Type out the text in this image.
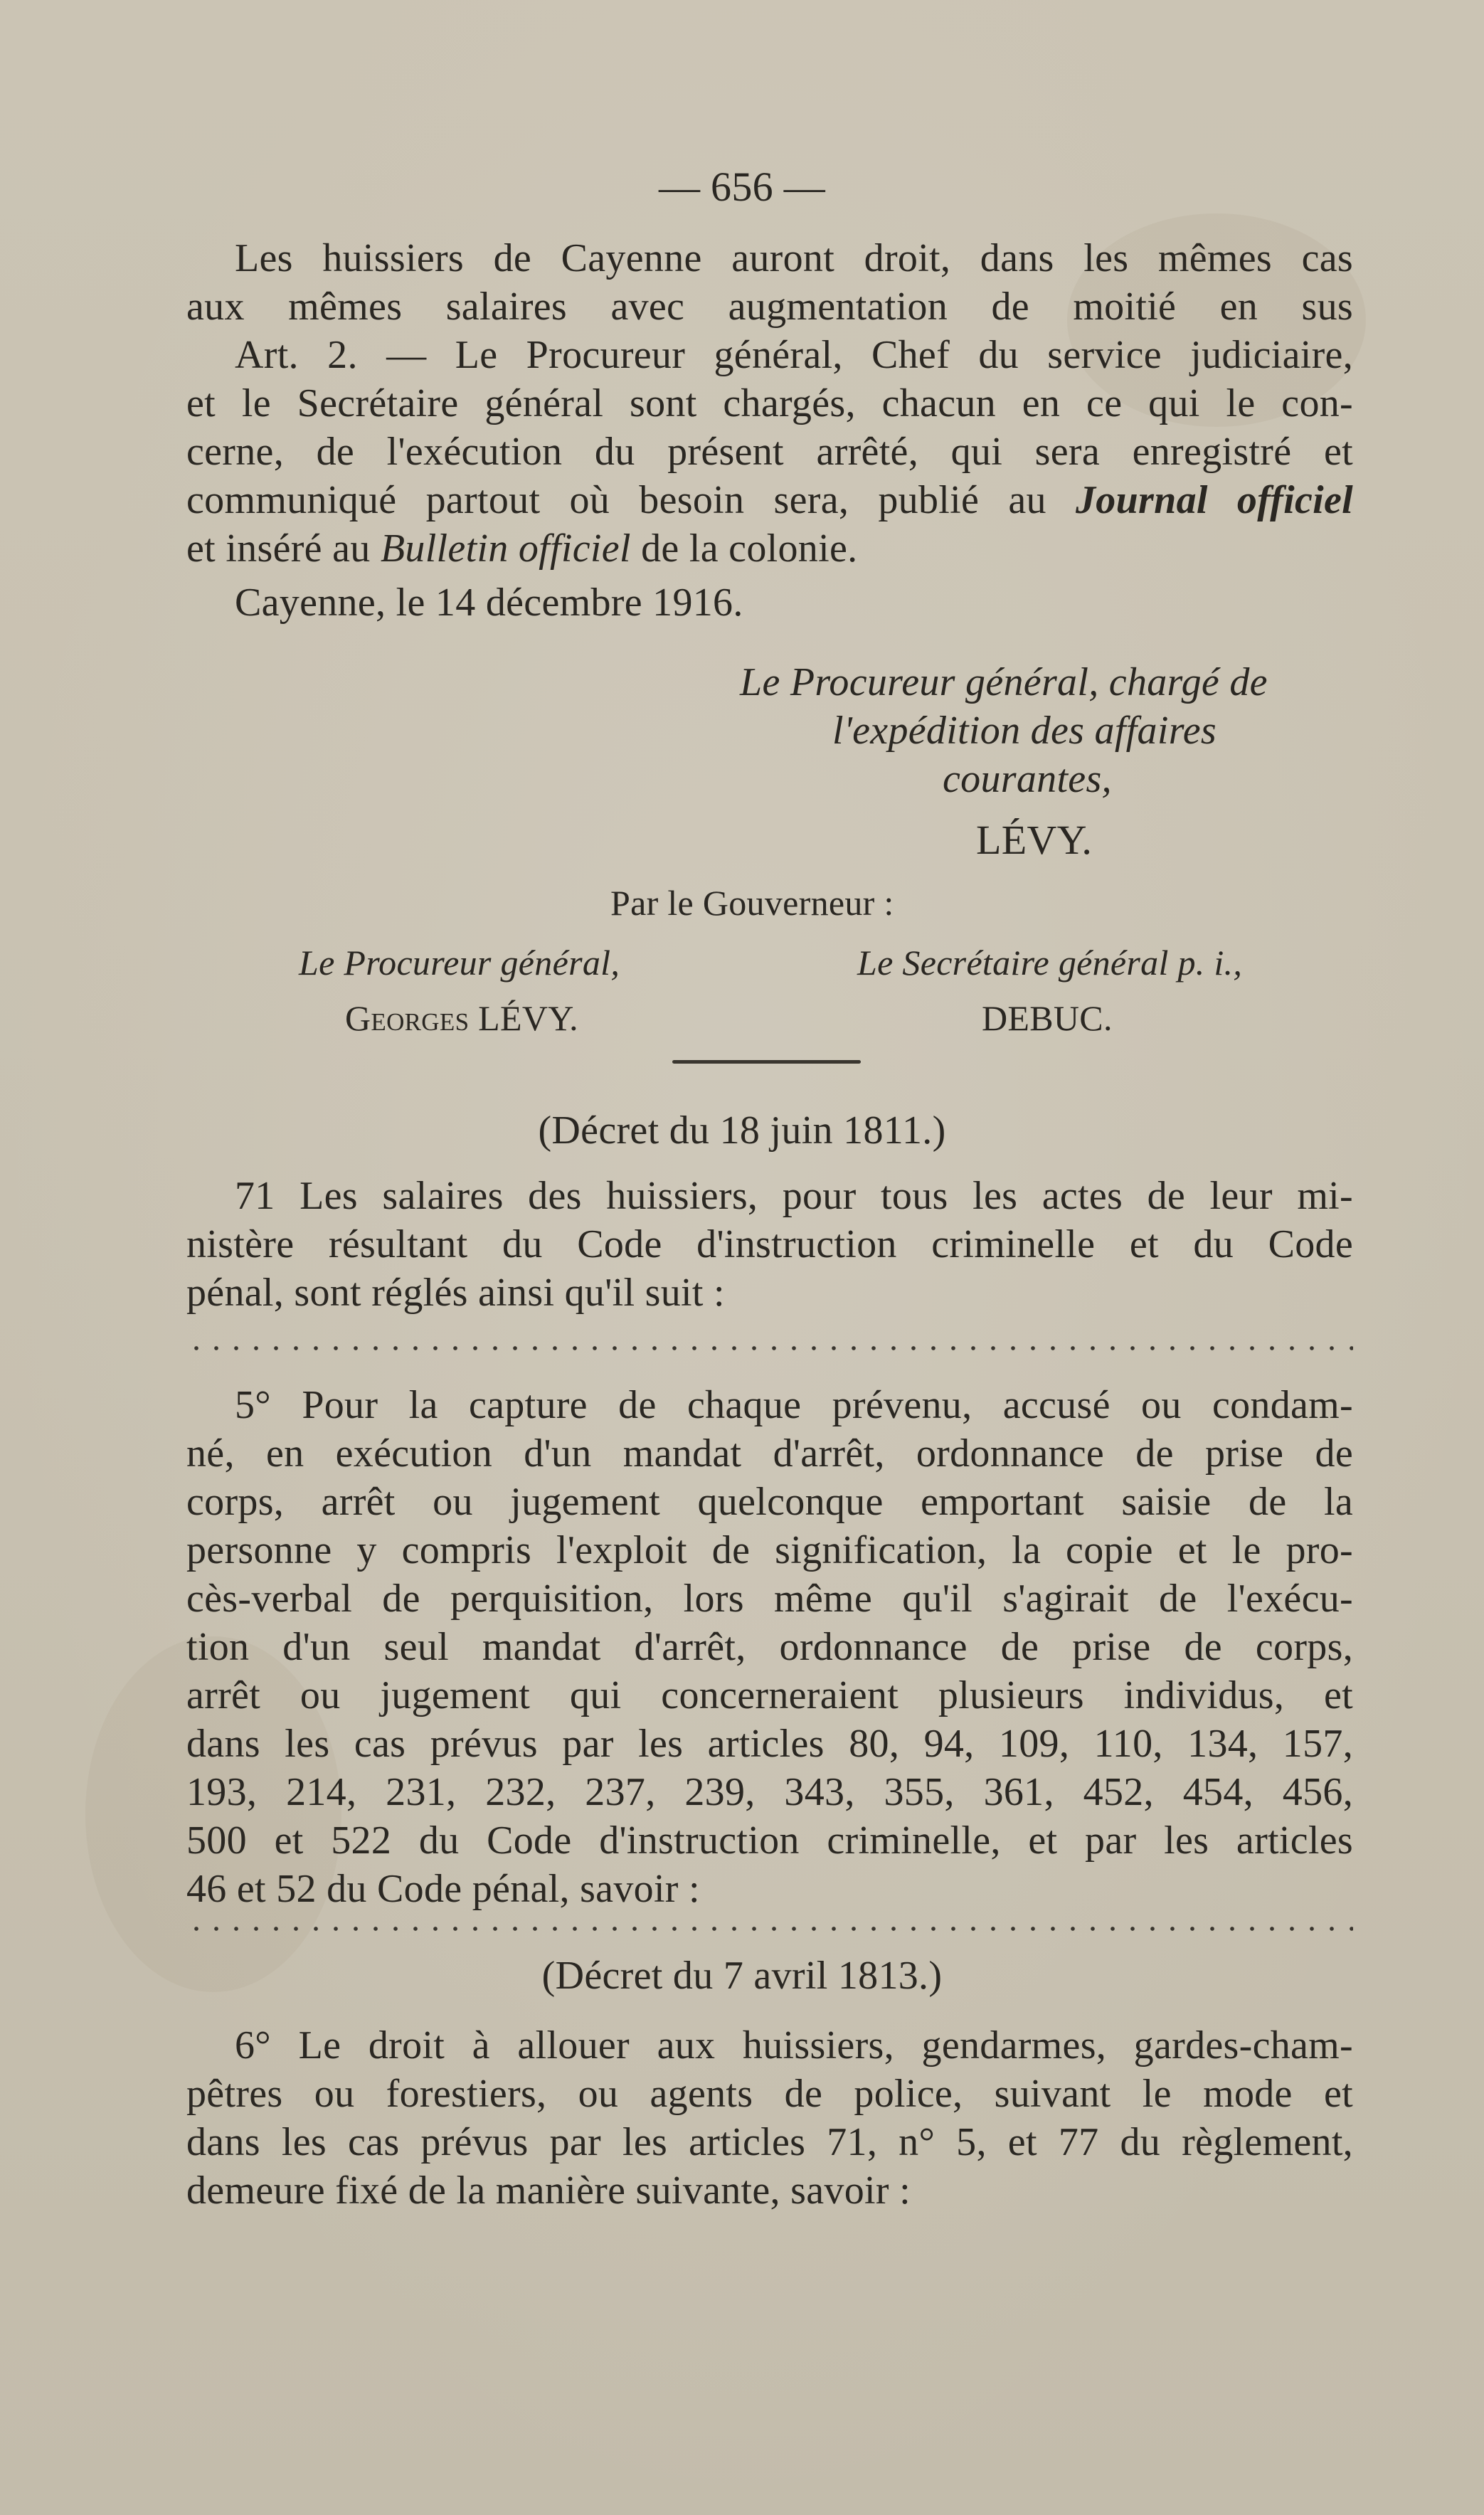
— 656 —
Les huissiers de Cayenne auront droit, dans les mêmes cas
aux mêmes salaires avec augmentation de moitié en sus
Art. 2. — Le Procureur général, Chef du service judiciaire,
et le Secrétaire général sont chargés, chacun en ce qui le con-
cerne, de l'exécution du présent arrêté, qui sera enregistré et
communiqué partout où besoin sera, publié au Journal officiel
et inséré au Bulletin officiel de la colonie.
Cayenne, le 14 décembre 1916.
Le Procureur général, chargé de
l'expédition des affaires
courantes,
LÉVY.
Par le Gouverneur :
Le Procureur général,	Le Secrétaire général p. i.,
Georges LÉVY.	DEBUC.
(Décret du 18 juin 1811.)
71 Les salaires des huissiers, pour tous les actes de leur mi-
nistère résultant du Code d'instruction criminelle et du Code
pénal, sont réglés ainsi qu'il suit :
5° Pour la capture de chaque prévenu, accusé ou condam-
né, en exécution d'un mandat d'arrêt, ordonnance de prise de
corps, arrêt ou jugement quelconque emportant saisie de la
personne y compris l'exploit de signification, la copie et le pro-
cès-verbal de perquisition, lors même qu'il s'agirait de l'exécu-
tion d'un seul mandat d'arrêt, ordonnance de prise de corps,
arrêt ou jugement qui concerneraient plusieurs individus, et
dans les cas prévus par les articles 80, 94, 109, 110, 134, 157,
193, 214, 231, 232, 237, 239, 343, 355, 361, 452, 454, 456,
500 et 522 du Code d'instruction criminelle, et par les articles
46 et 52 du Code pénal, savoir :
(Décret du 7 avril 1813.)
6° Le droit à allouer aux huissiers, gendarmes, gardes-cham-
pêtres ou forestiers, ou agents de police, suivant le mode et
dans les cas prévus par les articles 71, n° 5, et 77 du règlement,
demeure fixé de la manière suivante, savoir :
